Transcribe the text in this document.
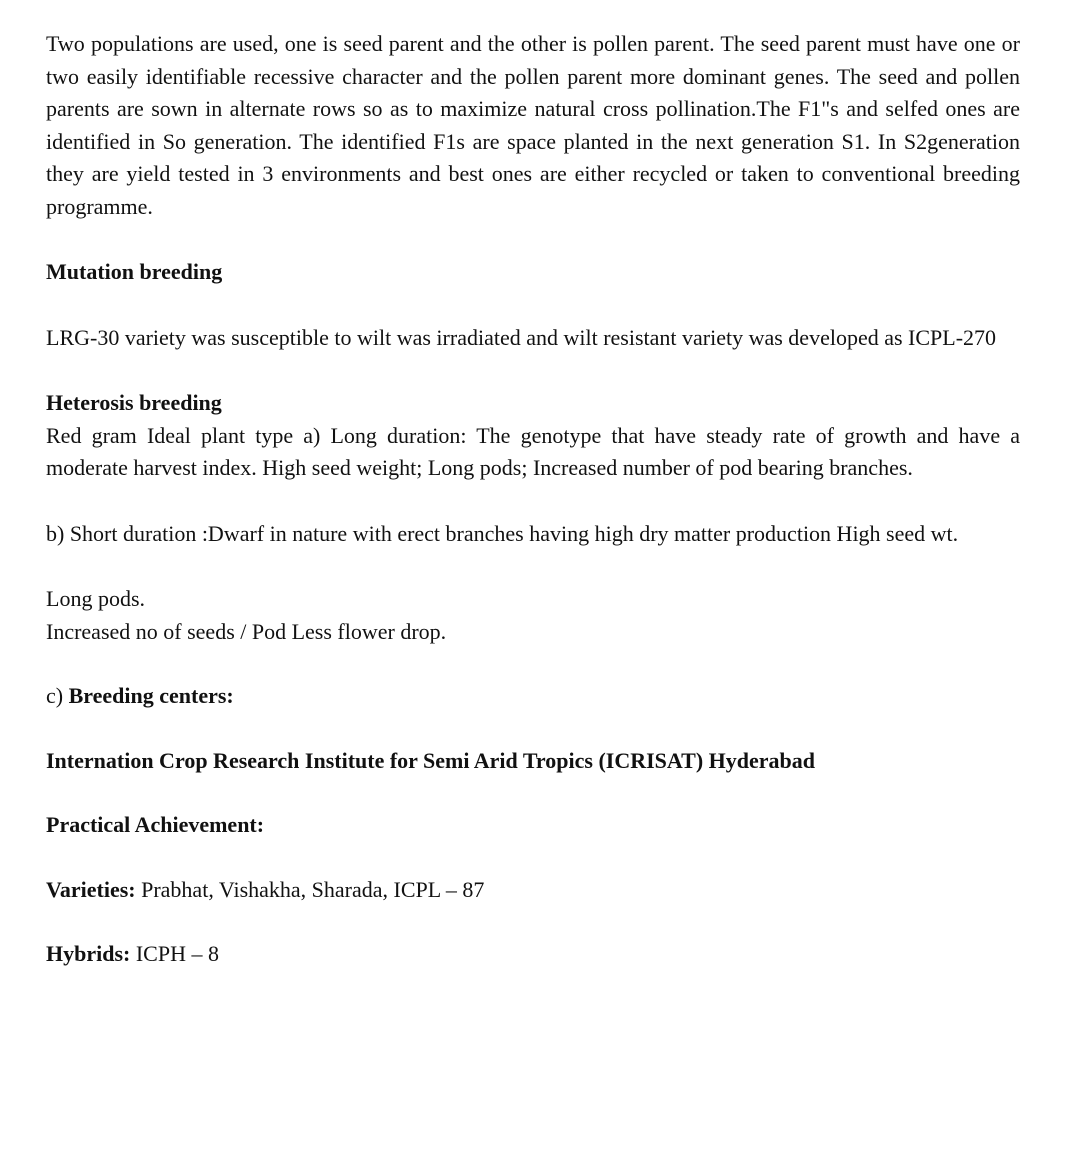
Two populations are used, one is seed parent and the other is pollen parent. The seed parent must have one or two easily identifiable recessive character and the pollen parent more dominant genes. The seed and pollen parents are sown in alternate rows so as to maximize natural cross pollination.The F1"s and selfed ones are identified in So generation. The identified F1s are space planted in the next generation S1. In S2generation they are yield tested in 3 environments and best ones are either recycled or taken to conventional breeding programme.

Mutation breeding

LRG-30 variety was susceptible to wilt was irradiated and wilt resistant variety was developed as ICPL-270

Heterosis breeding

Red gram Ideal plant type a) Long duration: The genotype that have steady rate of growth and have a moderate harvest index. High seed weight; Long pods; Increased number of pod bearing branches.

b) Short duration :Dwarf in nature with erect branches having high dry matter production High seed wt.

Long pods.

Increased no of seeds / Pod Less flower drop.

c) Breeding centers:

Internation Crop Research Institute for Semi Arid Tropics (ICRISAT) Hyderabad

Practical Achievement:

Varieties: Prabhat, Vishakha, Sharada, ICPL – 87

Hybrids: ICPH – 8
